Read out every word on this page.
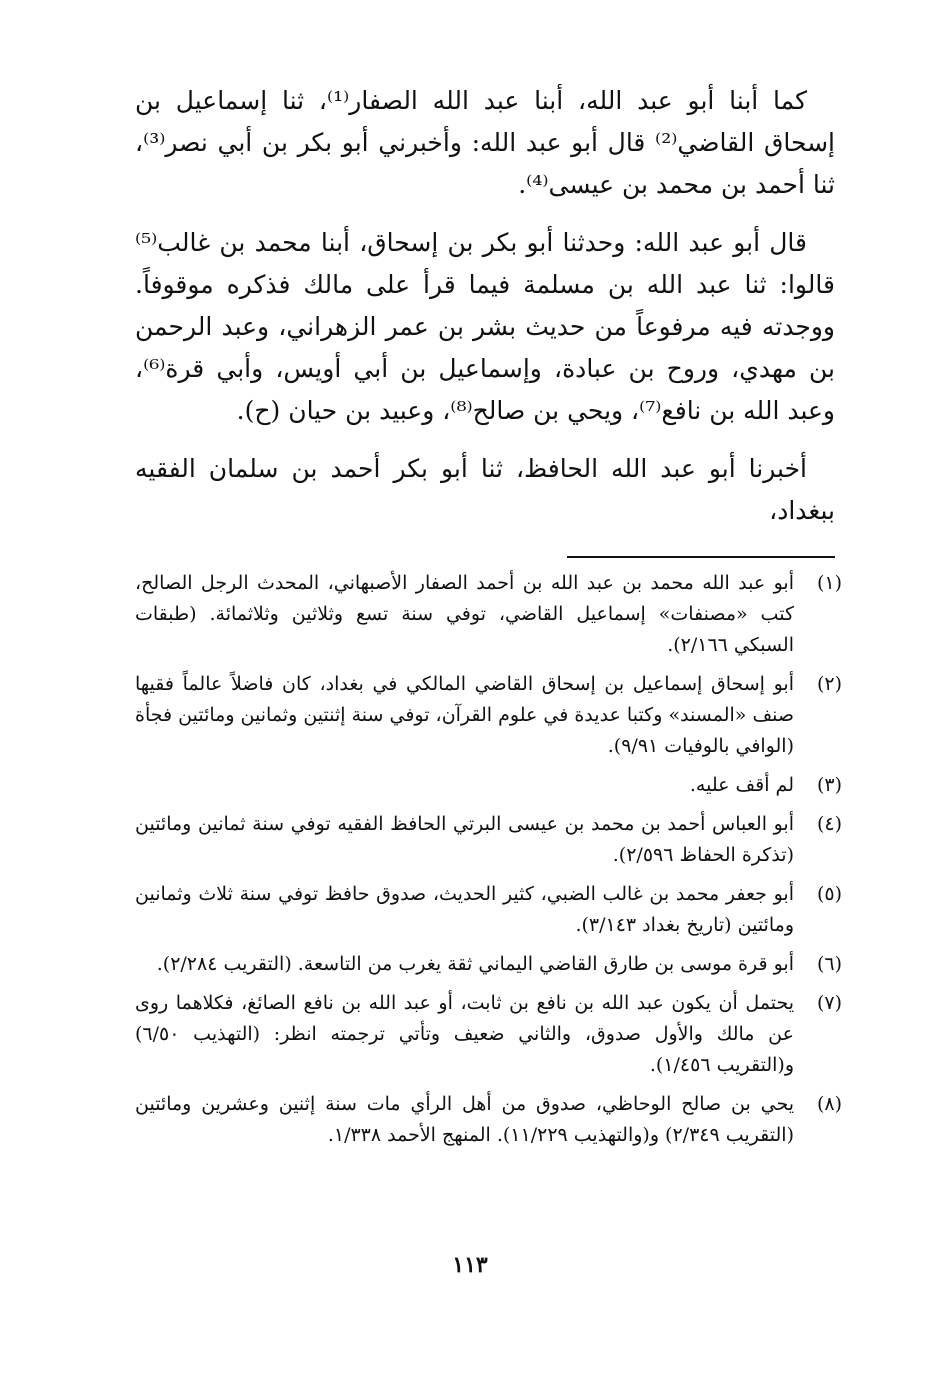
كما أبنا أبو عبد الله، أبنا عبد الله الصفار⁽¹⁾، ثنا إسماعيل بن إسحاق القاضي⁽²⁾ قال أبو عبد الله: وأخبرني أبو بكر بن أبي نصر⁽³⁾، ثنا أحمد بن محمد بن عيسى⁽⁴⁾.

قال أبو عبد الله: وحدثنا أبو بكر بن إسحاق، أبنا محمد بن غالب⁽⁵⁾ قالوا: ثنا عبد الله بن مسلمة فيما قرأ على مالك فذكره موقوفاً. ووجدته فيه مرفوعاً من حديث بشر بن عمر الزهراني، وعبد الرحمن بن مهدي، وروح بن عبادة، وإسماعيل بن أبي أويس، وأبي قرة⁽⁶⁾، وعبد الله بن نافع⁽⁷⁾، ويحي بن صالح⁽⁸⁾، وعبيد بن حيان (ح).

أخبرنا أبو عبد الله الحافظ، ثنا أبو بكر أحمد بن سلمان الفقيه ببغداد،

(١)
أبو عبد الله محمد بن عبد الله بن أحمد الصفار الأصبهاني، المحدث الرجل الصالح، كتب «مصنفات» إسماعيل القاضي، توفي سنة تسع وثلاثين وثلاثمائة. (طبقات السبكي ٢/١٦٦).
(٢)
أبو إسحاق إسماعيل بن إسحاق القاضي المالكي في بغداد، كان فاضلاً عالماً فقيها صنف «المسند» وكتبا عديدة في علوم القرآن، توفي سنة إثنتين وثمانين ومائتين فجأة (الوافي بالوفيات ٩/٩١).
(٣)
لم أقف عليه.
(٤)
أبو العباس أحمد بن محمد بن عيسى البرتي الحافظ الفقيه توفي سنة ثمانين ومائتين (تذكرة الحفاظ ٢/٥٩٦).
(٥)
أبو جعفر محمد بن غالب الضبي، كثير الحديث، صدوق حافظ توفي سنة ثلاث وثمانين ومائتين (تاريخ بغداد ٣/١٤٣).
(٦)
أبو قرة موسى بن طارق القاضي اليماني ثقة يغرب من التاسعة. (التقريب ٢/٢٨٤).
(٧)
يحتمل أن يكون عبد الله بن نافع بن ثابت، أو عبد الله بن نافع الصائغ، فكلاهما روى عن مالك والأول صدوق، والثاني ضعيف وتأتي ترجمته انظر: (التهذيب ٦/٥٠) و(التقريب ١/٤٥٦).
(٨)
يحي بن صالح الوحاظي، صدوق من أهل الرأي مات سنة إثنين وعشرين ومائتين (التقريب ٢/٣٤٩) و(والتهذيب ١١/٢٢٩). المنهج الأحمد ١/٣٣٨.
١١٣
